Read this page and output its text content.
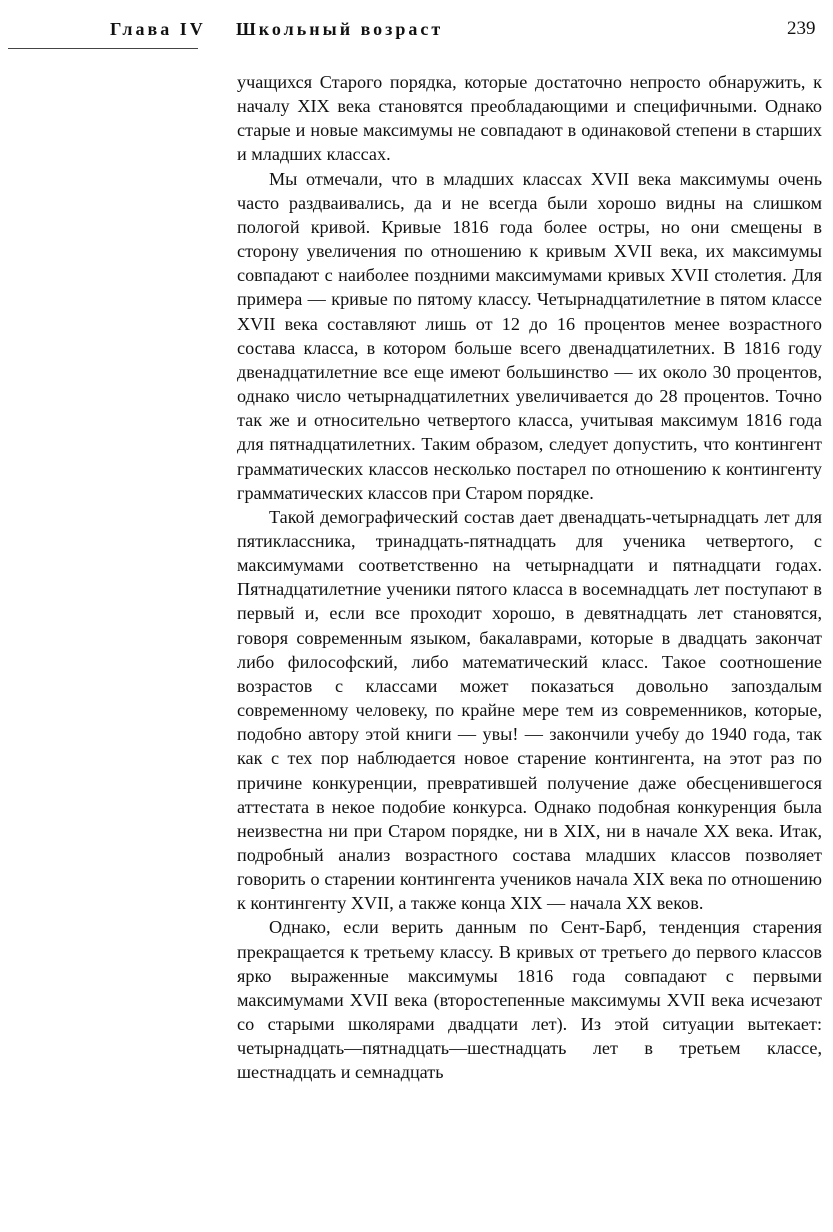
Глава IV Школьный возраст	239

учащихся Старого порядка, которые достаточно непросто обнаружить, к началу XIX века становятся преобладающими и специфичными. Однако старые и новые максимумы не совпадают в одинаковой степени в старших и младших классах.

Мы отмечали, что в младших классах XVII века максимумы очень часто раздваивались, да и не всегда были хорошо видны на слишком пологой кривой. Кривые 1816 года более остры, но они смещены в сторону увеличения по отношению к кривым XVII века, их максимумы совпадают с наиболее поздними максимумами кривых XVII столетия. Для примера — кривые по пятому классу. Четырнадцатилетние в пятом классе XVII века составляют лишь от 12 до 16 процентов менее возрастного состава класса, в котором больше всего двенадцатилетних. В 1816 году двенадцатилетние все еще имеют большинство — их около 30 процентов, однако число четырнадцатилетних увеличивается до 28 процентов. Точно так же и относительно четвертого класса, учитывая максимум 1816 года для пятнадцатилетних. Таким образом, следует допустить, что контингент грамматических классов несколько постарел по отношению к контингенту грамматических классов при Старом порядке.

Такой демографический состав дает двенадцать-четырнадцать лет для пятиклассника, тринадцать-пятнадцать для ученика четвертого, с максимумами соответственно на четырнадцати и пятнадцати годах. Пятнадцатилетние ученики пятого класса в восемнадцать лет поступают в первый и, если все проходит хорошо, в девятнадцать лет становятся, говоря современным языком, бакалаврами, которые в двадцать закончат либо философский, либо математический класс. Такое соотношение возрастов с классами может показаться довольно запоздалым современному человеку, по крайне мере тем из современников, которые, подобно автору этой книги — увы! — закончили учебу до 1940 года, так как с тех пор наблюдается новое старение контингента, на этот раз по причине конкуренции, превратившей получение даже обесценившегося аттестата в некое подобие конкурса. Однако подобная конкуренция была неизвестна ни при Старом порядке, ни в XIX, ни в начале XX века. Итак, подробный анализ возрастного состава младших классов позволяет говорить о старении контингента учеников начала XIX века по отношению к контингенту XVII, а также конца XIX — начала XX веков.

Однако, если верить данным по Сент-Барб, тенденция старения прекращается к третьему классу. В кривых от третьего до первого классов ярко выраженные максимумы 1816 года совпадают с первыми максимумами XVII века (второстепенные максимумы XVII века исчезают со старыми школярами двадцати лет). Из этой ситуации вытекает: четырнадцать—пятнадцать—шестнадцать лет в третьем классе, шестнадцать и семнадцать
